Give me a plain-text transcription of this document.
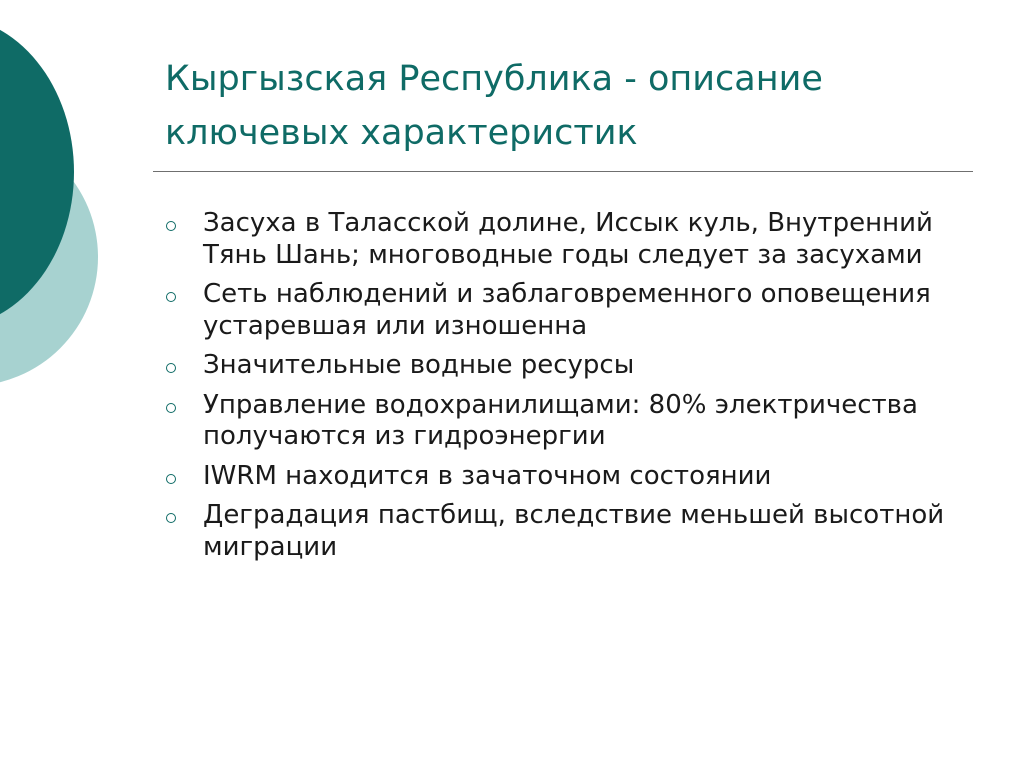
Кыргызская Республика - описание ключевых характеристик
Засуха в Таласской долине, Иссык куль, Внутренний Тянь Шань; многоводные годы следует за засухами
Сеть наблюдений и заблаговременного оповещения устаревшая или изношенна
Значительные водные ресурсы
Управление водохранилищами: 80% электричества получаются из гидроэнергии
IWRM находится в зачаточном состоянии
Деградация пастбищ, вследствие меньшей высотной миграции
